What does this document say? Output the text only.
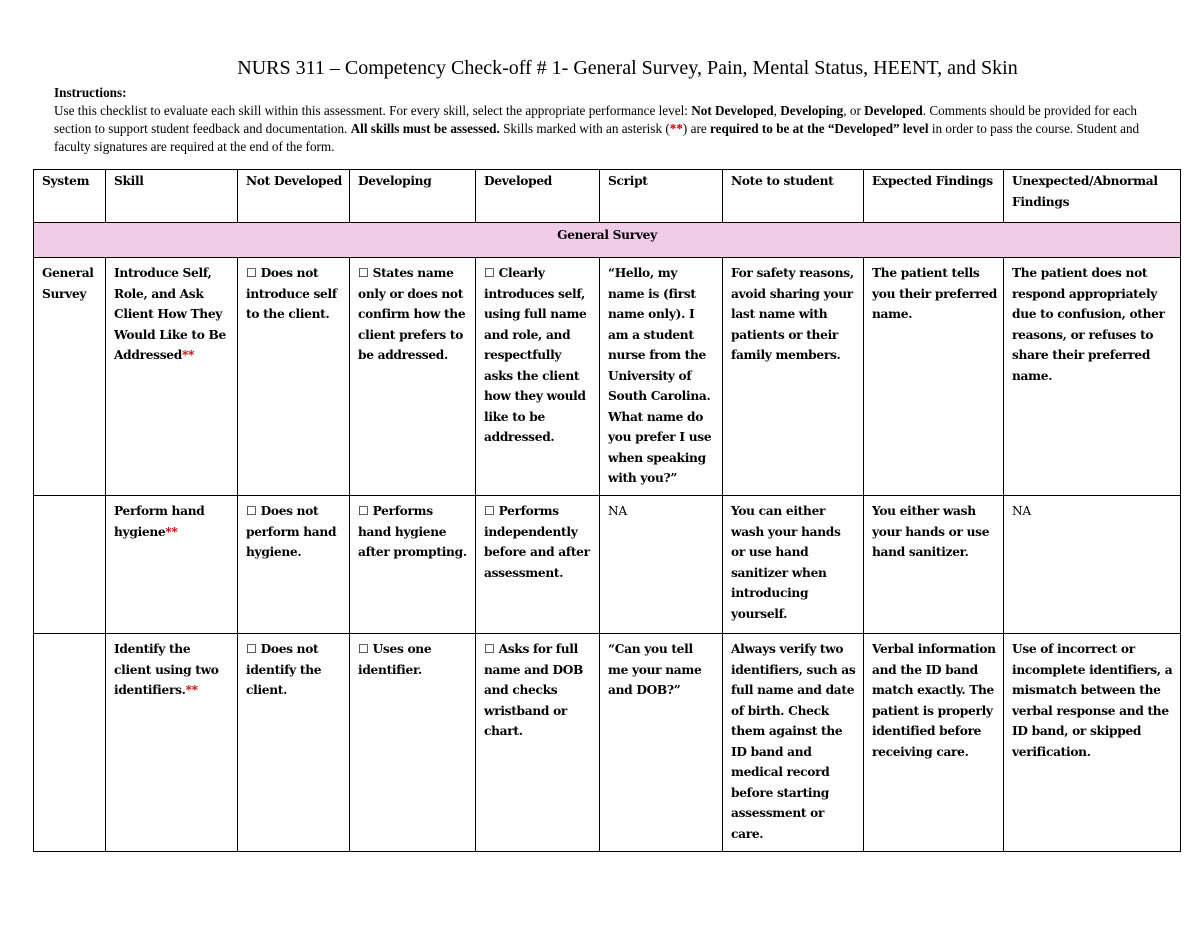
NURS 311 – Competency Check-off # 1- General Survey, Pain, Mental Status, HEENT, and Skin
Instructions:
Use this checklist to evaluate each skill within this assessment. For every skill, select the appropriate performance level: Not Developed, Developing, or Developed. Comments should be provided for each section to support student feedback and documentation. All skills must be assessed. Skills marked with an asterisk (**) are required to be at the “Developed” level in order to pass the course. Student and faculty signatures are required at the end of the form.
System	Skill	Not Developed	Developing	Developed	Script	Note to student	Expected Findings	Unexpected/Abnormal Findings
General Survey								
General Survey	Introduce Self, Role, and Ask Client How They Would Like to Be Addressed**	☐ Does not introduce self to the client.	☐ States name only or does not confirm how the client prefers to be addressed.	☐ Clearly introduces self, using full name and role, and respectfully asks the client how they would like to be addressed.	“Hello, my name is (first name only). I am a student nurse from the University of South Carolina. What name do you prefer I use when speaking with you?”	For safety reasons, avoid sharing your last name with patients or their family members.	The patient tells you their preferred name.	The patient does not respond appropriately due to confusion, other reasons, or refuses to share their preferred name.
	Perform hand hygiene**	☐ Does not perform hand hygiene.	☐ Performs hand hygiene after prompting.	☐ Performs independently before and after assessment.	NA	You can either wash your hands or use hand sanitizer when introducing yourself.	You either wash your hands or use hand sanitizer.	NA
	Identify the client using two identifiers.**	☐ Does not identify the client.	☐ Uses one identifier.	☐ Asks for full name and DOB and checks wristband or chart.	“Can you tell me your name and DOB?”	Always verify two identifiers, such as full name and date of birth. Check them against the ID band and medical record before starting assessment or care.	Verbal information and the ID band match exactly. The patient is properly identified before receiving care.	Use of incorrect or incomplete identifiers, a mismatch between the verbal response and the ID band, or skipped verification.
